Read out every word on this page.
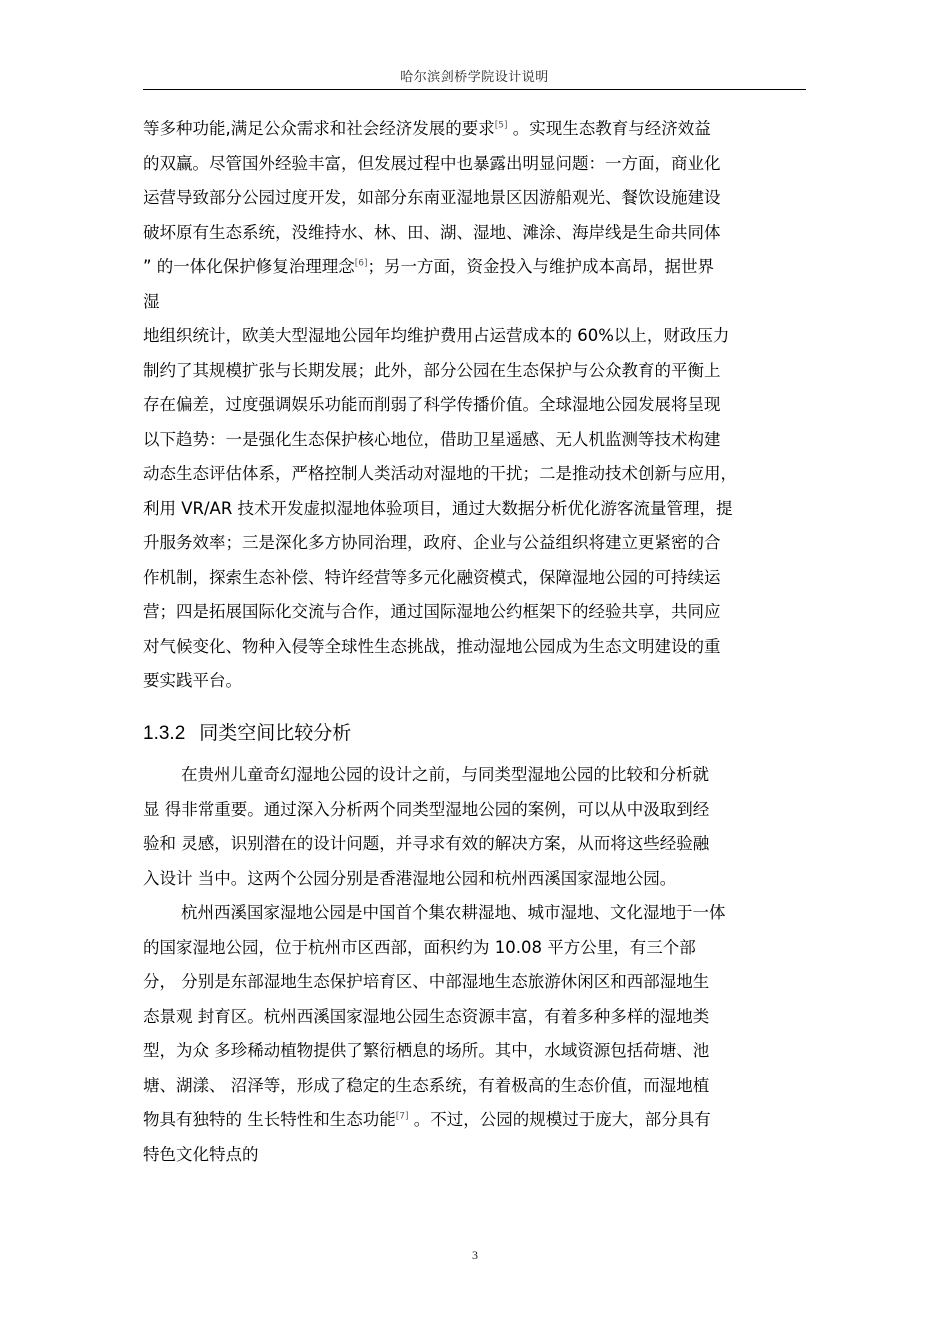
哈尔滨剑桥学院设计说明
等多种功能,满足公众需求和社会经济发展的要求[5] 。实现生态教育与经济效益
的双赢。尽管国外经验丰富，但发展过程中也暴露出明显问题：一方面，商业化
运营导致部分公园过度开发，如部分东南亚湿地景区因游船观光、餐饮设施建设
破坏原有生态系统，没维持水、林、田、湖、湿地、滩涂、海岸线是生命共同体
” 的一体化保护修复治理理念[6]；另一方面，资金投入与维护成本高昂，据世界
湿
地组织统计，欧美大型湿地公园年均维护费用占运营成本的 60%以上，财政压力
制约了其规模扩张与长期发展；此外，部分公园在生态保护与公众教育的平衡上
存在偏差，过度强调娱乐功能而削弱了科学传播价值。全球湿地公园发展将呈现
以下趋势：一是强化生态保护核心地位，借助卫星遥感、无人机监测等技术构建
动态生态评估体系，严格控制人类活动对湿地的干扰；二是推动技术创新与应用，
利用 VR/AR 技术开发虚拟湿地体验项目，通过大数据分析优化游客流量管理，提
升服务效率；三是深化多方协同治理，政府、企业与公益组织将建立更紧密的合
作机制，探索生态补偿、特许经营等多元化融资模式，保障湿地公园的可持续运
营；四是拓展国际化交流与合作，通过国际湿地公约框架下的经验共享，共同应
对气候变化、物种入侵等全球性生态挑战，推动湿地公园成为生态文明建设的重
要实践平台。
1.3.2 同类空间比较分析
在贵州儿童奇幻湿地公园的设计之前，与同类型湿地公园的比较和分析就
显 得非常重要。通过深入分析两个同类型湿地公园的案例，可以从中汲取到经
验和 灵感，识别潜在的设计问题，并寻求有效的解决方案，从而将这些经验融
入设计 当中。这两个公园分别是香港湿地公园和杭州西溪国家湿地公园。
杭州西溪国家湿地公园是中国首个集农耕湿地、城市湿地、文化湿地于一体
的国家湿地公园，位于杭州市区西部，面积约为 10.08 平方公里，有三个部
分， 分别是东部湿地生态保护培育区、中部湿地生态旅游休闲区和西部湿地生
态景观 封育区。杭州西溪国家湿地公园生态资源丰富，有着多种多样的湿地类
型，为众 多珍稀动植物提供了繁衍栖息的场所。其中，水域资源包括荷塘、池
塘、湖漾、 沼泽等，形成了稳定的生态系统，有着极高的生态价值，而湿地植
物具有独特的 生长特性和生态功能[7] 。不过，公园的规模过于庞大，部分具有
特色文化特点的
3
